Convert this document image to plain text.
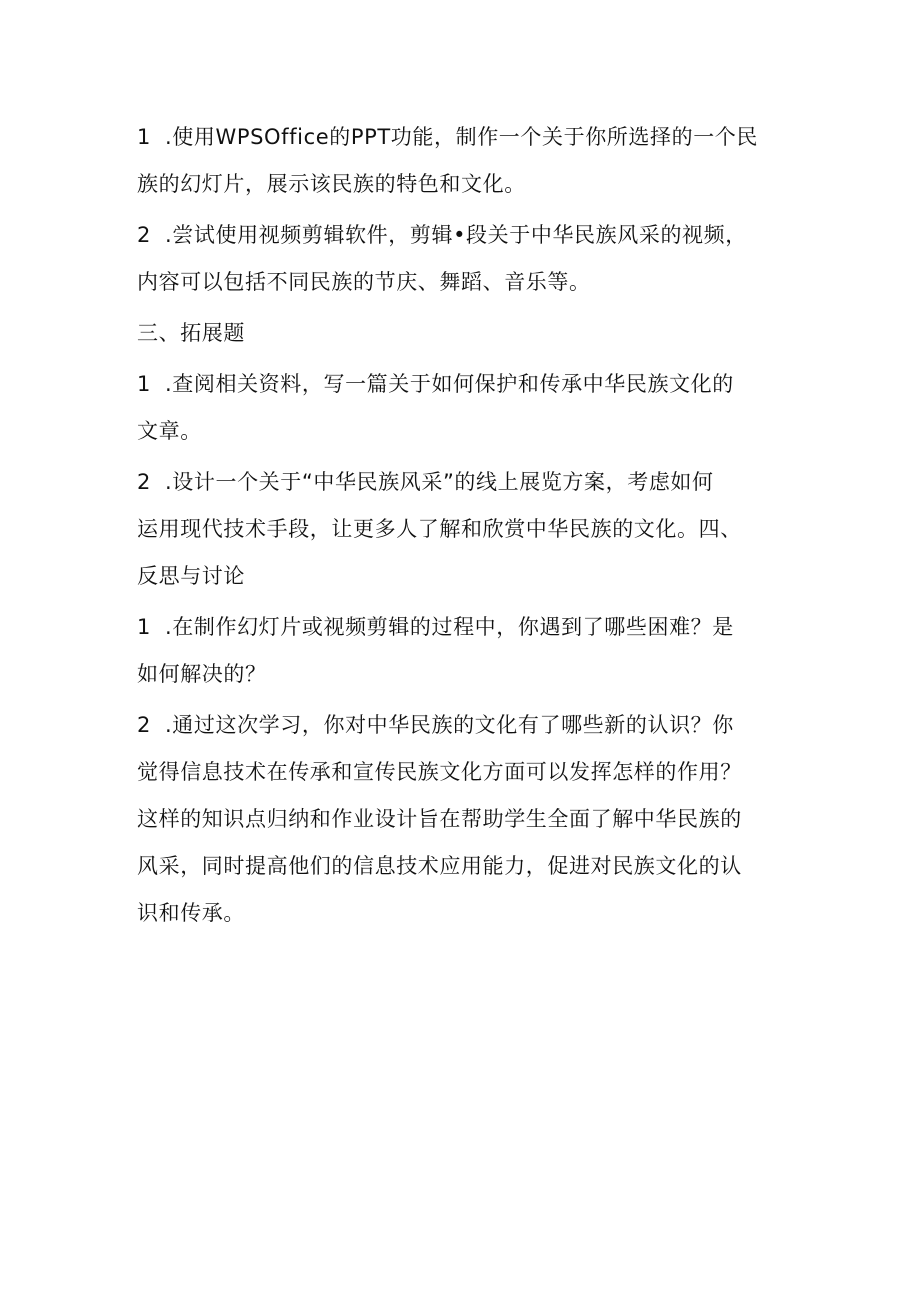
1 .使用WPSOffice的PPT功能，制作一个关于你所选择的一个民
族的幻灯片，展示该民族的特色和文化。
2 .尝试使用视频剪辑软件，剪辑•段关于中华民族风采的视频，
内容可以包括不同民族的节庆、舞蹈、音乐等。
三、拓展题
1 .查阅相关资料，写一篇关于如何保护和传承中华民族文化的
文章。
2 .设计一个关于“中华民族风采”的线上展览方案，考虑如何
运用现代技术手段，让更多人了解和欣赏中华民族的文化。四、
反思与讨论
1 .在制作幻灯片或视频剪辑的过程中，你遇到了哪些困难？是
如何解决的？
2 .通过这次学习，你对中华民族的文化有了哪些新的认识？你
觉得信息技术在传承和宣传民族文化方面可以发挥怎样的作用？
这样的知识点归纳和作业设计旨在帮助学生全面了解中华民族的
风采，同时提高他们的信息技术应用能力，促进对民族文化的认
识和传承。
